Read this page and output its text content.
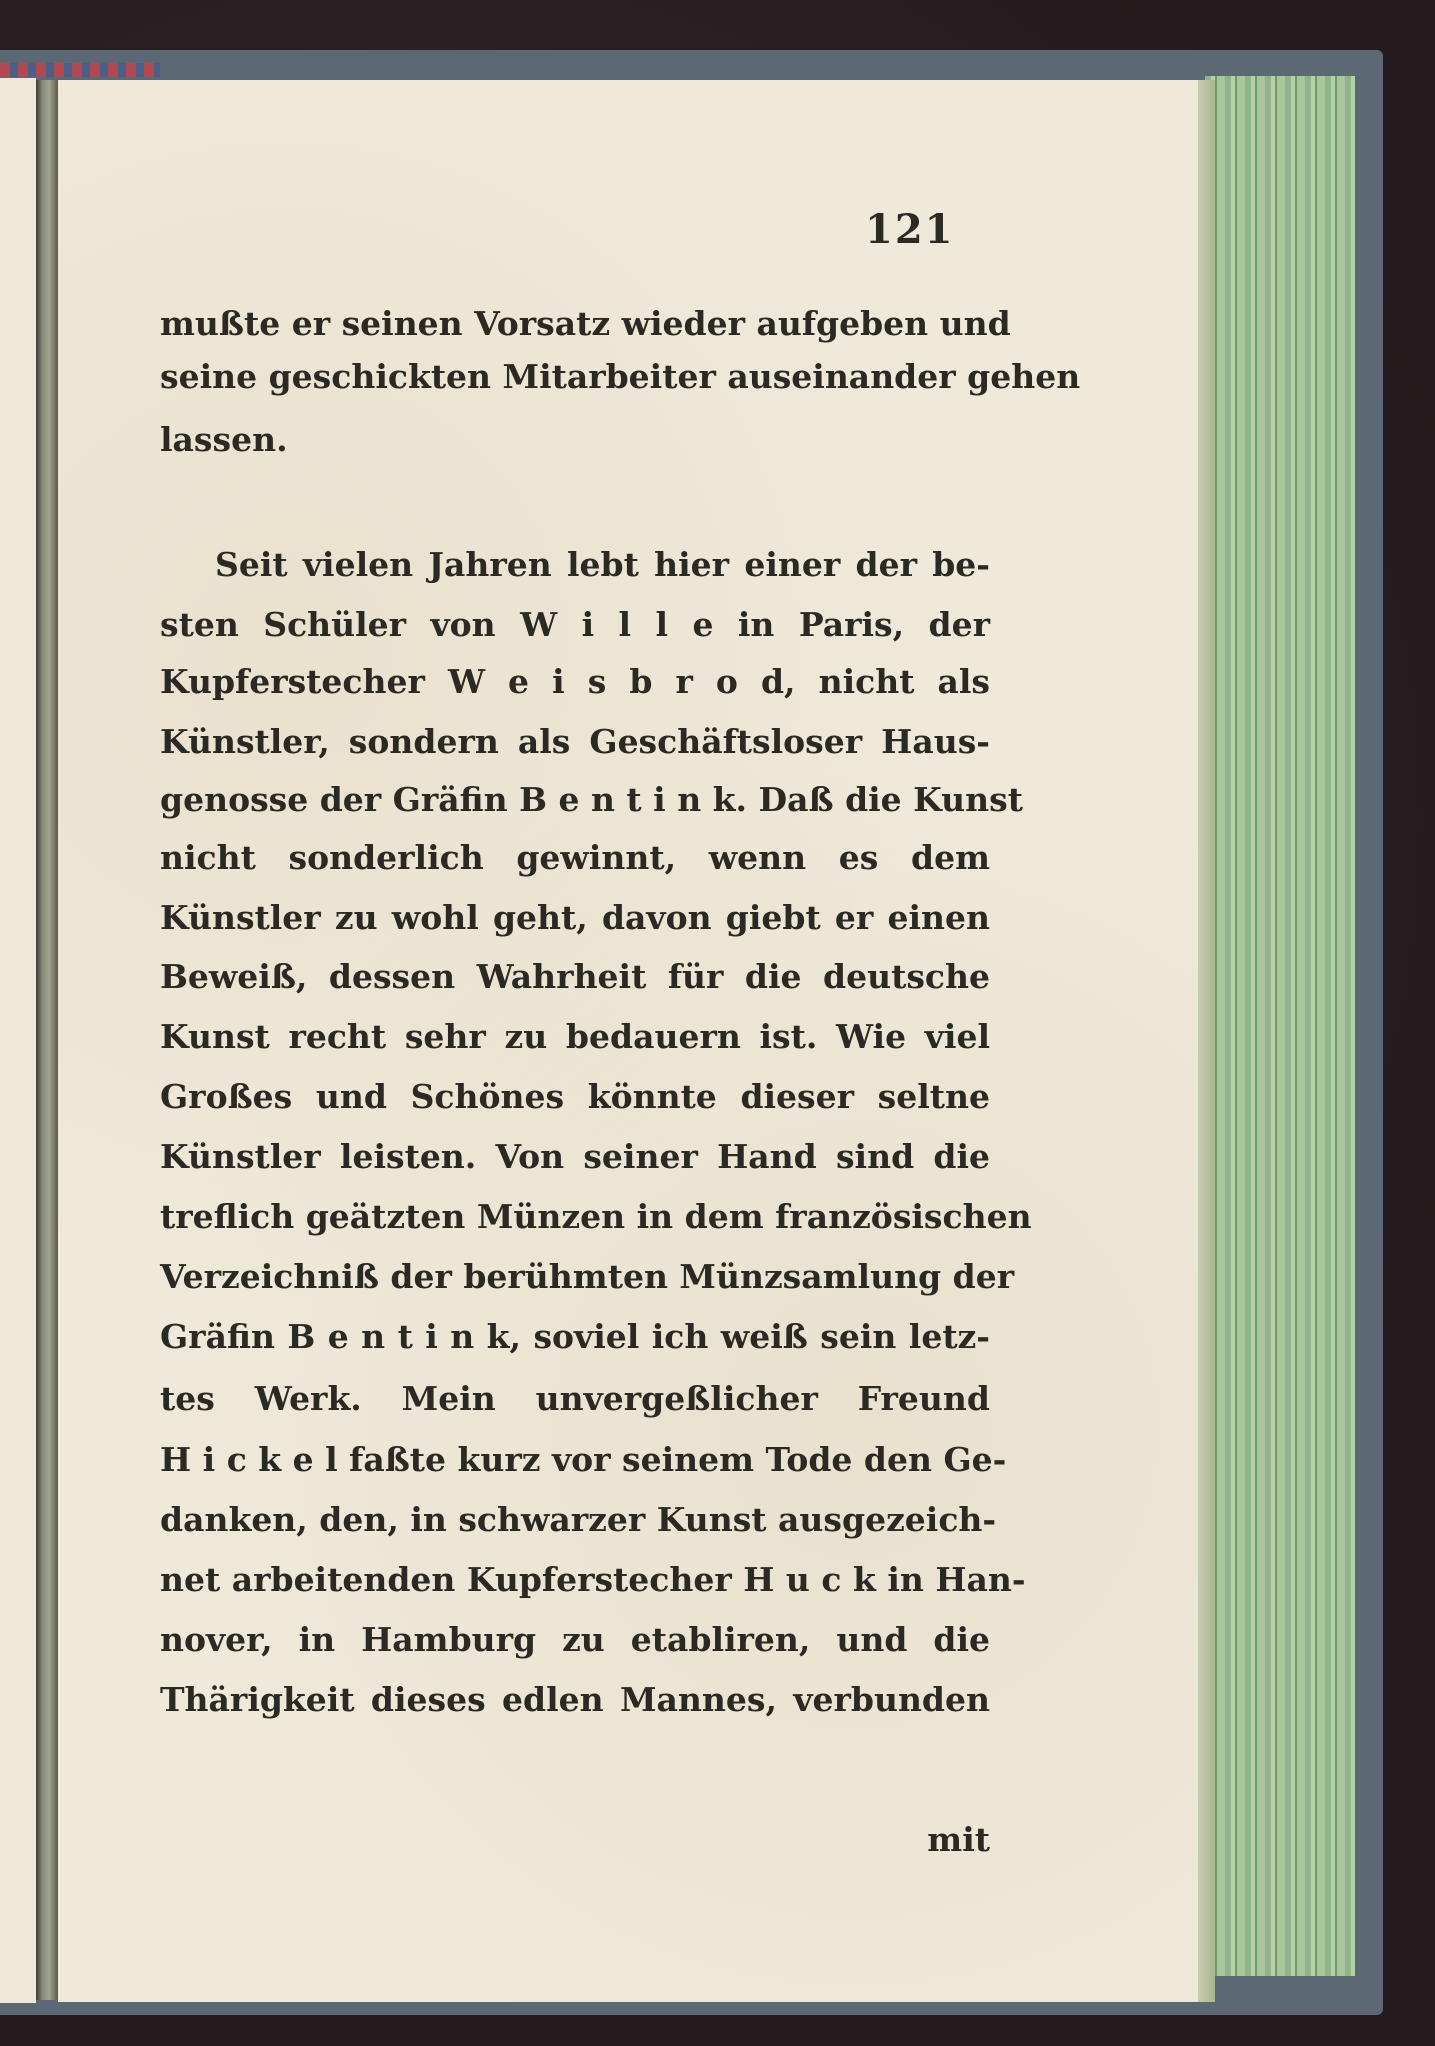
121
mußte er seinen Vorsatz wieder aufgeben und
seine geschickten Mitarbeiter auseinander gehen
lassen.
Seit vielen Jahren lebt hier einer der be-
sten Schüler von W i l l e in Paris, der
Kupferstecher W e i s b r o d, nicht als
Künstler, sondern als Geschäftsloser Haus-
genosse der Gräfin B e n t i n k. Daß die Kunst
nicht sonderlich gewinnt, wenn es dem
Künstler zu wohl geht, davon giebt er einen
Beweiß, dessen Wahrheit für die deutsche
Kunst recht sehr zu bedauern ist. Wie viel
Großes und Schönes könnte dieser seltne
Künstler leisten. Von seiner Hand sind die
treflich geätzten Münzen in dem französischen
Verzeichniß der berühmten Münzsamlung der
Gräfin B e n t i n k, soviel ich weiß sein letz-
tes Werk. Mein unvergeßlicher Freund
H i c k e l faßte kurz vor seinem Tode den Ge-
danken, den, in schwarzer Kunst ausgezeich-
net arbeitenden Kupferstecher H u c k in Han-
nover, in Hamburg zu etabliren, und die
Thärigkeit dieses edlen Mannes, verbunden
mit
